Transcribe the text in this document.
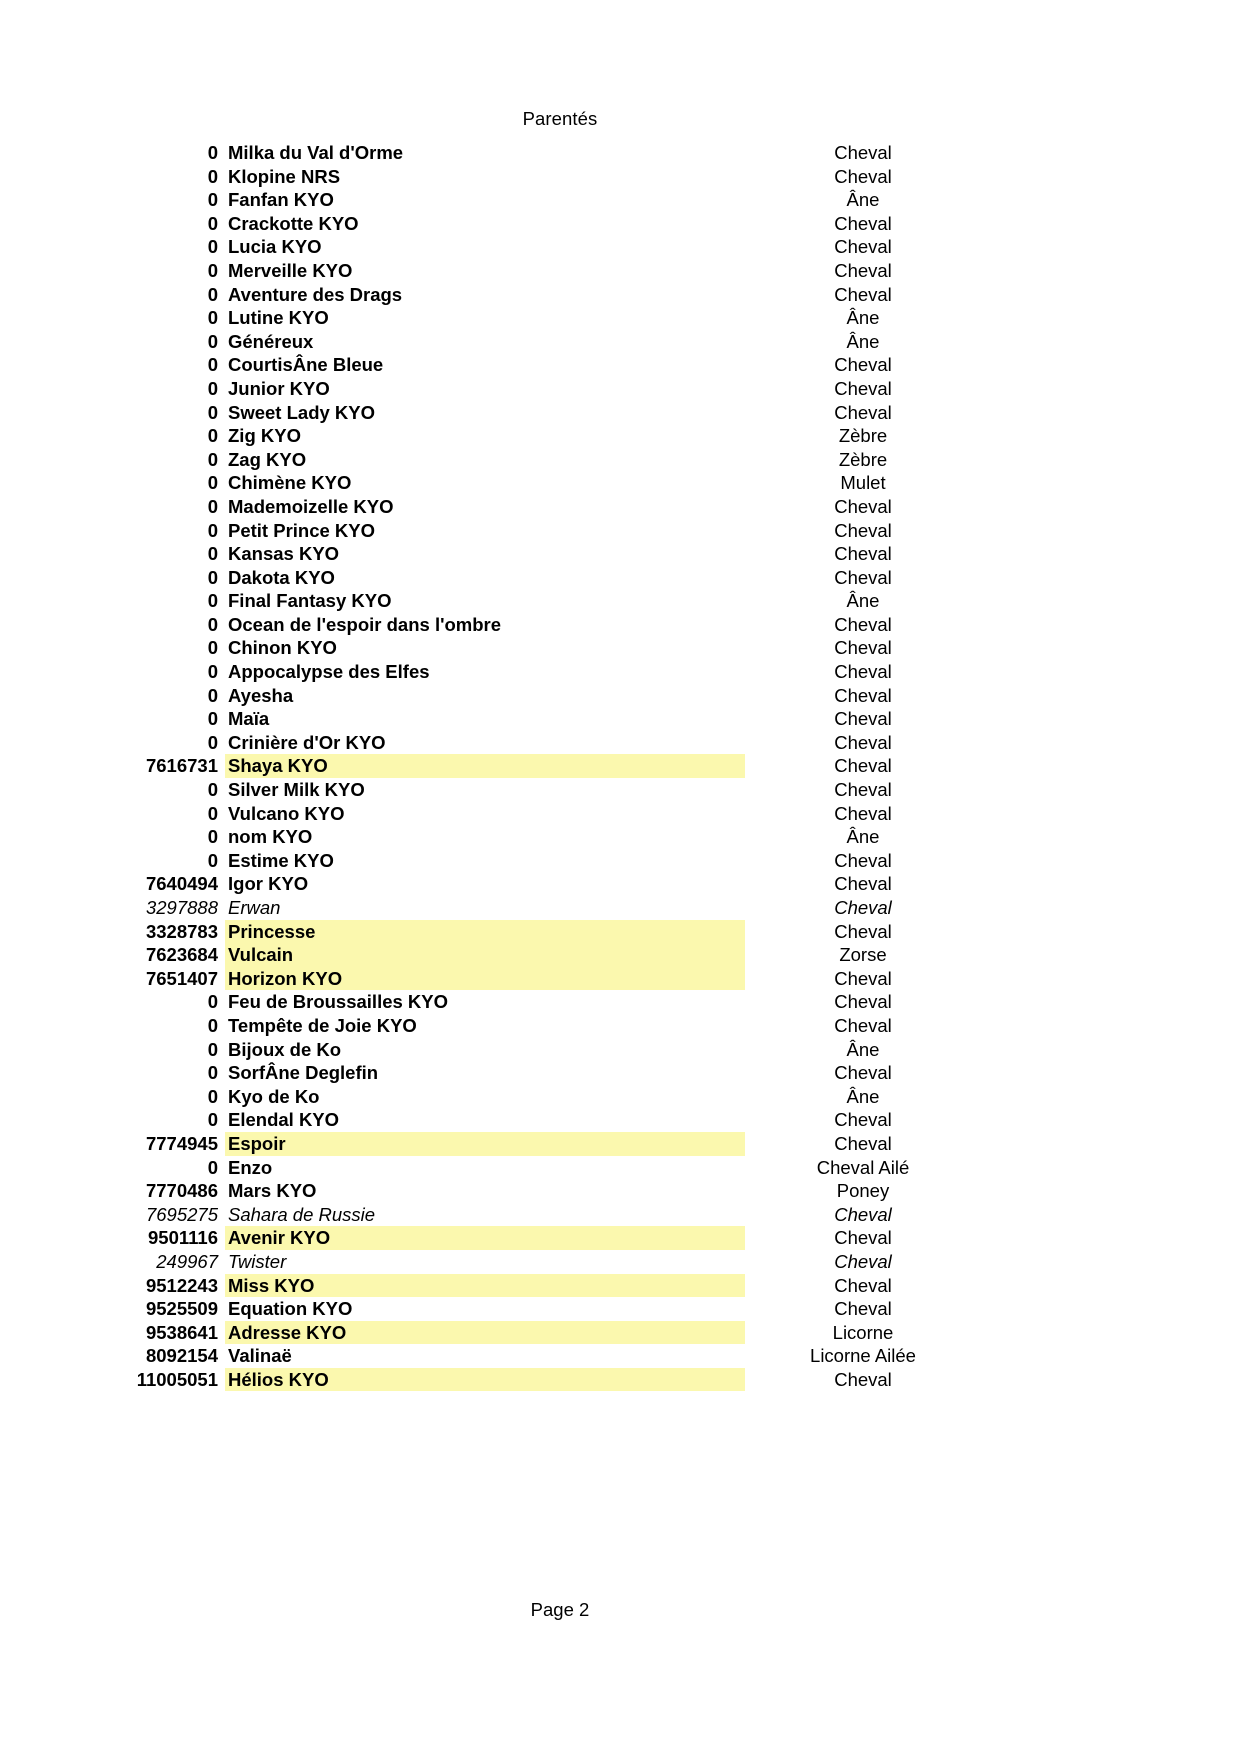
Parentés
0 Milka du Val d'Orme	Cheval
0 Klopine NRS	Cheval
0 Fanfan KYO	Âne
0 Crackotte KYO	Cheval
0 Lucia KYO	Cheval
0 Merveille KYO	Cheval
0 Aventure des Drags	Cheval
0 Lutine KYO	Âne
0 Généreux	Âne
0 CourtisÂne Bleue	Cheval
0 Junior KYO	Cheval
0 Sweet Lady KYO	Cheval
0 Zig KYO	Zèbre
0 Zag KYO	Zèbre
0 Chimène KYO	Mulet
0 Mademoizelle KYO	Cheval
0 Petit Prince KYO	Cheval
0 Kansas KYO	Cheval
0 Dakota KYO	Cheval
0 Final Fantasy KYO	Âne
0 Ocean de l'espoir dans l'ombre	Cheval
0 Chinon KYO	Cheval
0 Appocalypse des Elfes	Cheval
0 Ayesha	Cheval
0 Maïa	Cheval
0 Crinière d'Or KYO	Cheval
7616731 Shaya KYO	Cheval
0 Silver Milk KYO	Cheval
0 Vulcano KYO	Cheval
0 nom KYO	Âne
0 Estime KYO	Cheval
7640494 Igor KYO	Cheval
3297888 Erwan	Cheval
3328783 Princesse	Cheval
7623684 Vulcain	Zorse
7651407 Horizon KYO	Cheval
0 Feu de Broussailles KYO	Cheval
0 Tempête de Joie KYO	Cheval
0 Bijoux de Ko	Âne
0 SorfÂne Deglefin	Cheval
0 Kyo de Ko	Âne
0 Elendal KYO	Cheval
7774945 Espoir	Cheval
0 Enzo	Cheval Ailé
7770486 Mars KYO	Poney
7695275 Sahara de Russie	Cheval
9501116 Avenir KYO	Cheval
249967 Twister	Cheval
9512243 Miss KYO	Cheval
9525509 Equation KYO	Cheval
9538641 Adresse KYO	Licorne
8092154 Valinaë	Licorne Ailée
11005051 Hélios KYO	Cheval
Page 2
